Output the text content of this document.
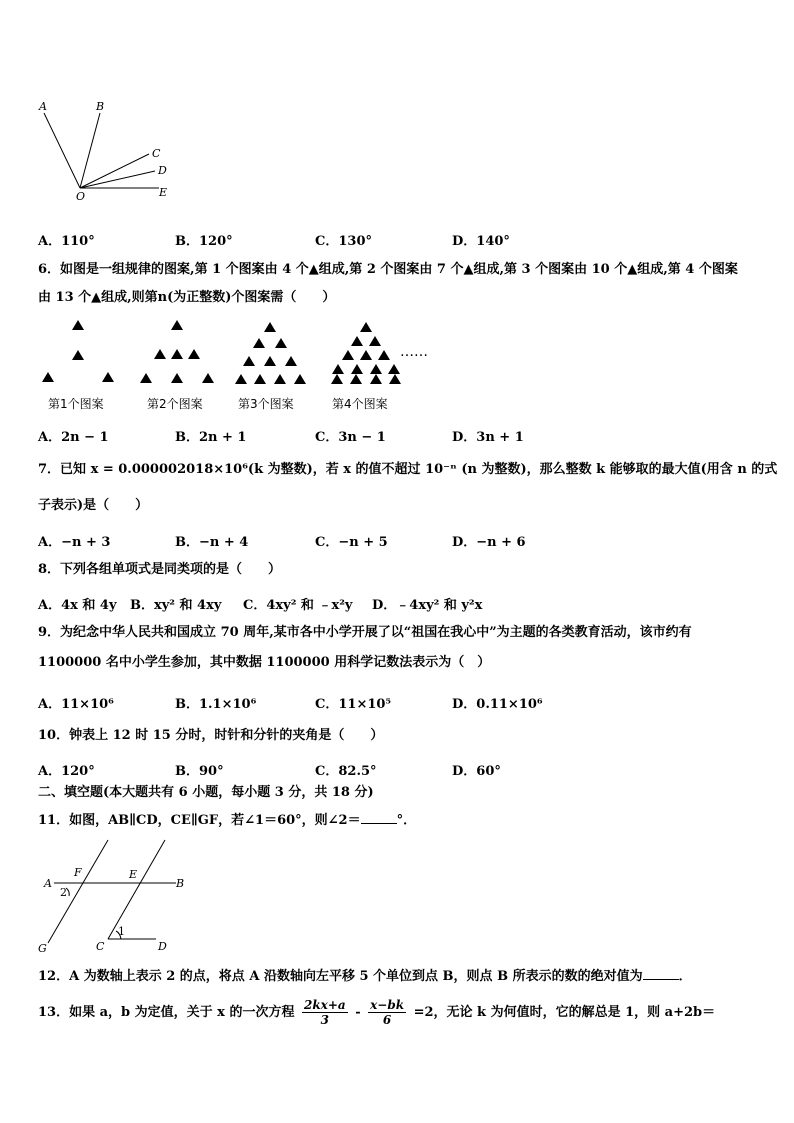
A	B
C
D
O	E
A．110°	B．120°	C．130°	D．140°
6．如图是一组规律的图案,第 1 个图案由 4 个▲组成,第 2 个图案由 7 个▲组成,第 3 个图案由 10 个▲组成,第 4 个图案
由 13 个▲组成,则第n(为正整数)个图案需（　　）
……
第1个图案	第2个图案	第3个图案	第4个图案
A．2n − 1	B．2n + 1	C．3n − 1	D．3n + 1
7．已知 x = 0.000002018×10⁶(k 为整数)，若 x 的值不超过 10⁻ⁿ (n 为整数)，那么整数 k 能够取的最大值(用含 n 的式
子表示)是（　　）
A．−n + 3	B．−n + 4	C．−n + 5	D．−n + 6
8．下列各组单项式是同类项的是（　　）
A．4x 和 4y B．xy² 和 4xy C．4xy² 和 ﹣x²y D．﹣4xy² 和 y²x
9．为纪念中华人民共和国成立 70 周年,某市各中小学开展了以“祖国在我心中”为主题的各类教育活动，该市约有
1100000 名中小学生参加，其中数据 1100000 用科学记数法表示为（　）
A．11×10⁶	B．1.1×10⁶	C．11×10⁵	D．0.11×10⁶
10．钟表上 12 时 15 分时，时针和分针的夹角是（　　）
A．120°	B．90°	C．82.5°	D．60°
二、填空题(本大题共有 6 小题，每小题 3 分，共 18 分)
11．如图，AB∥CD，CE∥GF，若∠1＝60°，则∠2＝	°．
A
F	E
B
2
G	C
1
D
12．A 为数轴上表示 2 的点，将点 A 沿数轴向左平移 5 个单位到点 B，则点 B 所表示的数的绝对值为	．
13．如果 a，b 为定值，关于 x 的一次方程 $\frac{2kx+a}{3} - \frac{x-bk}{6} =2$，无论 k 为何值时，它的解总是 1，则 a+2b＝
